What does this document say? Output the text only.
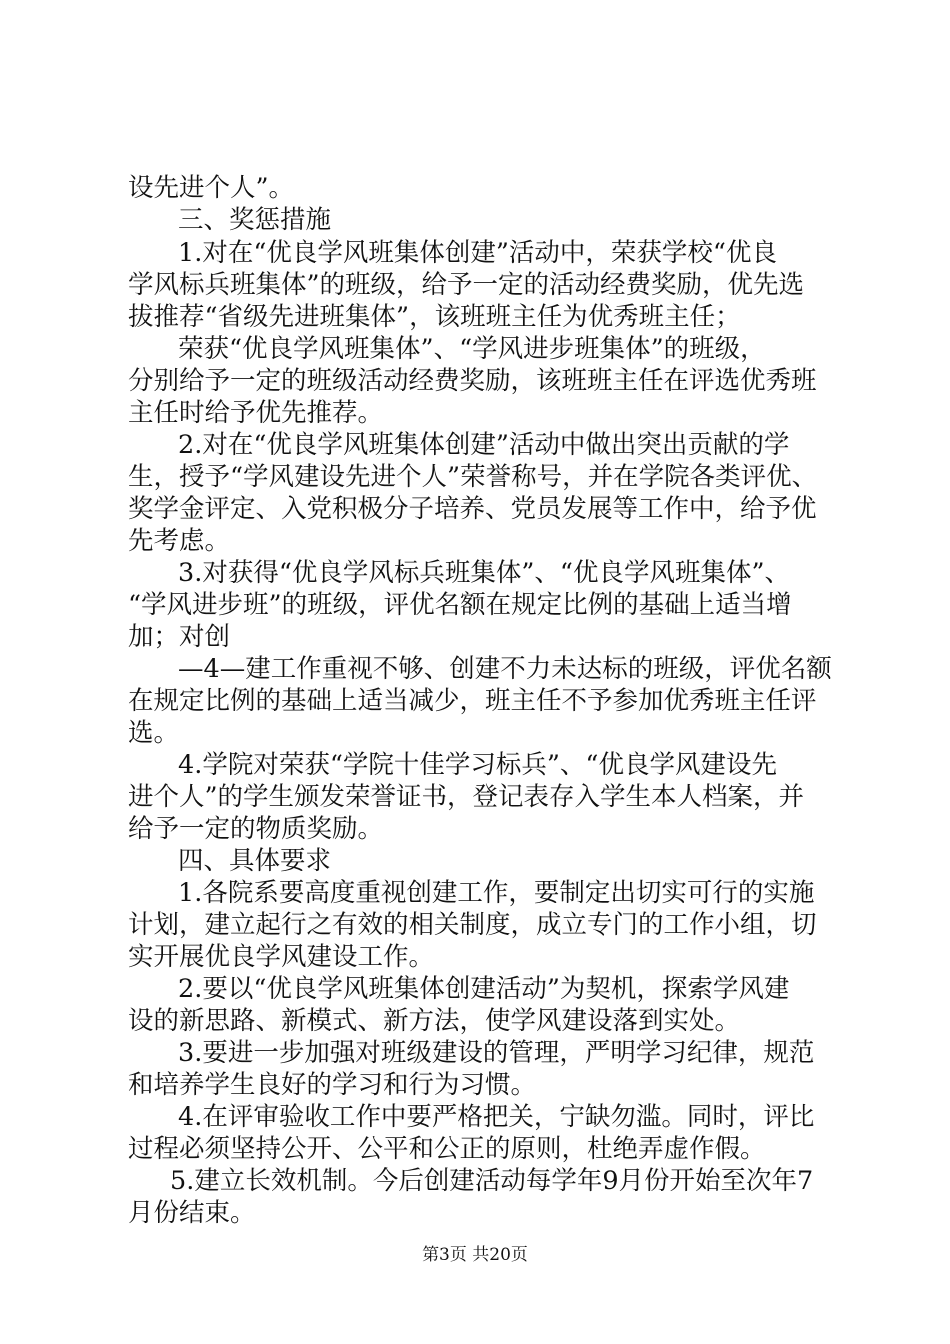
设先进个人”。
三、奖惩措施
1.对在“优良学风班集体创建”活动中，荣获学校“优良
学风标兵班集体”的班级，给予一定的活动经费奖励，优先选
拔推荐“省级先进班集体”，该班班主任为优秀班主任；
荣获“优良学风班集体”、“学风进步班集体”的班级，
分别给予一定的班级活动经费奖励，该班班主任在评选优秀班
主任时给予优先推荐。
2.对在“优良学风班集体创建”活动中做出突出贡献的学
生，授予“学风建设先进个人”荣誉称号，并在学院各类评优、
奖学金评定、入党积极分子培养、党员发展等工作中，给予优
先考虑。
3.对获得“优良学风标兵班集体”、“优良学风班集体”、
“学风进步班”的班级，评优名额在规定比例的基础上适当增
加；对创
—4—建工作重视不够、创建不力未达标的班级，评优名额
在规定比例的基础上适当减少，班主任不予参加优秀班主任评
选。
4.学院对荣获“学院十佳学习标兵”、“优良学风建设先
进个人”的学生颁发荣誉证书，登记表存入学生本人档案，并
给予一定的物质奖励。
四、具体要求
1.各院系要高度重视创建工作，要制定出切实可行的实施
计划，建立起行之有效的相关制度，成立专门的工作小组，切
实开展优良学风建设工作。
2.要以“优良学风班集体创建活动”为契机，探索学风建
设的新思路、新模式、新方法，使学风建设落到实处。
3.要进一步加强对班级建设的管理，严明学习纪律，规范
和培养学生良好的学习和行为习惯。
4.在评审验收工作中要严格把关，宁缺勿滥。同时，评比
过程必须坚持公开、公平和公正的原则，杜绝弄虚作假。
5.建立长效机制。今后创建活动每学年9月份开始至次年7
月份结束。
第3页 共20页
